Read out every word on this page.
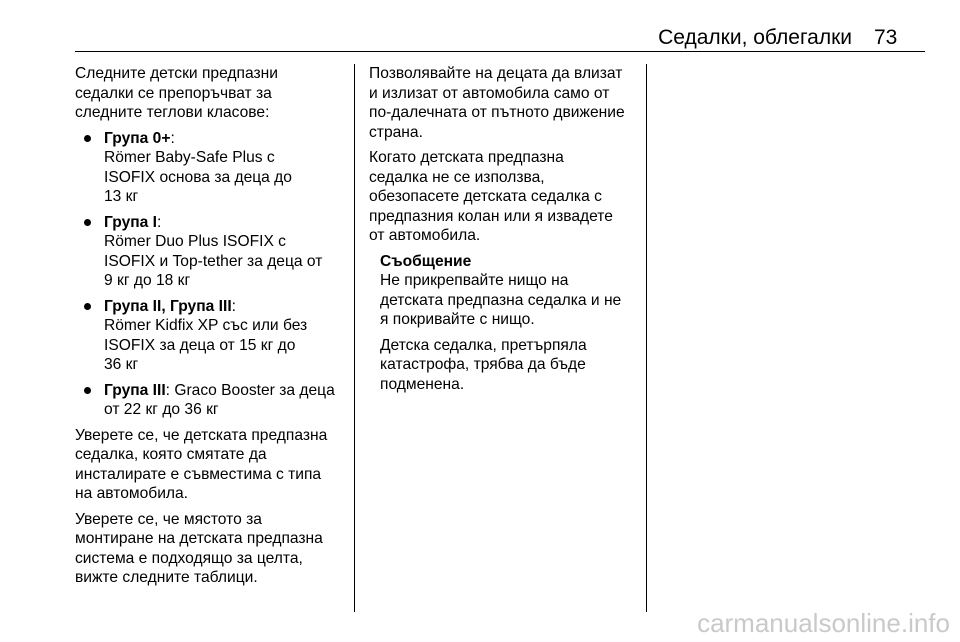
Седалки, облегалки 73

Следните детски предпазни
седалки се препоръчват за
следните теглови класове:

Група 0+:
Römer Baby-Safe Plus с
ISOFIX основа за деца до
13 кг
Група I:
Römer Duo Plus ISOFIX с
ISOFIX и Top-tether за деца от
9 кг до 18 кг
Група II, Група III:
Römer Kidfix XP със или без
ISOFIX за деца от 15 кг до
36 кг
Група III: Graco Booster за деца
от 22 кг до 36 кг

Уверете се, че детската предпазна
седалка, която смятате да
инсталирате е съвместима с типа
на автомобила.

Уверете се, че мястото за
монтиране на детската предпазна
система е подходящо за целта,
вижте следните таблици.

Позволявайте на децата да влизат
и излизат от автомобила само от
по-далечната от пътното движение
страна.

Когато детската предпазна
седалка не се използва,
обезопасете детската седалка с
предпазния колан или я извадете
от автомобила.

Съобщение

Не прикрепвайте нищо на
детската предпазна седалка и не
я покривайте с нищо.

Детска седалка, претърпяла
катастрофа, трябва да бъде
подменена.

carmanualsonline.info
